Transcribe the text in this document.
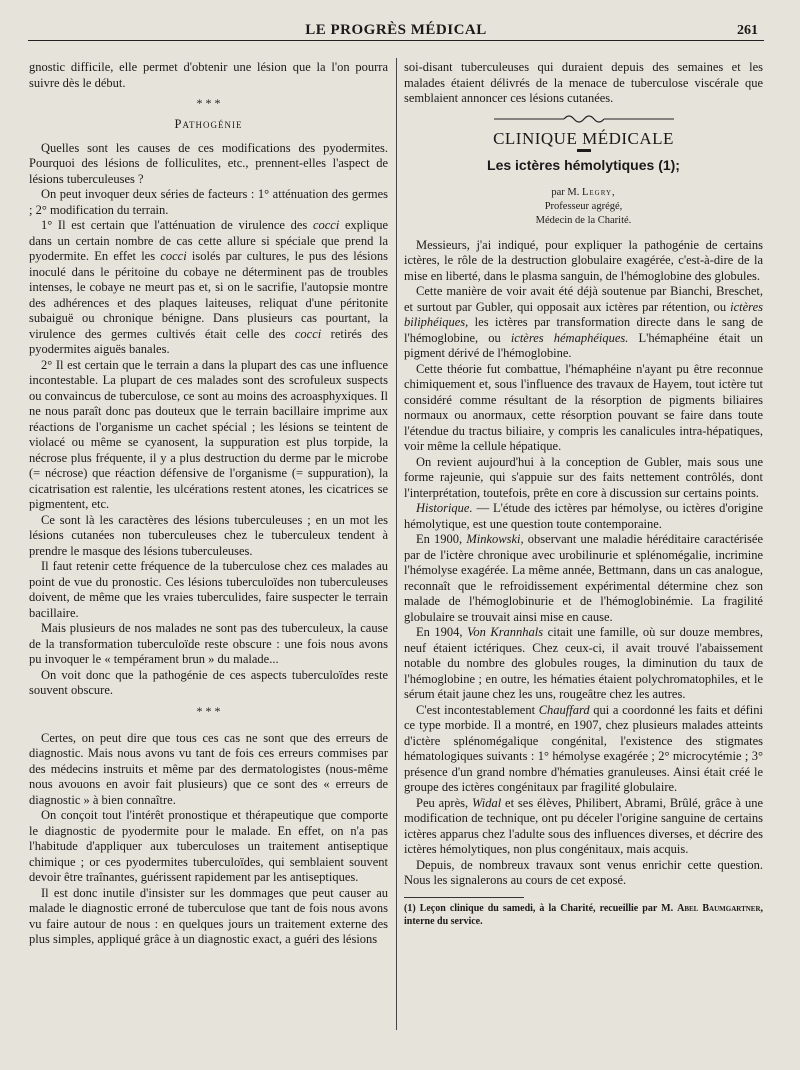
LE PROGRÈS MÉDICAL	261

gnostic difficile, elle permet d'obtenir une lésion que la l'on pourra suivre dès le début.

* * *
Pathogénie

Quelles sont les causes de ces modifications des pyodermites. Pourquoi des lésions de folliculites, etc., prennent-elles l'aspect de lésions tuberculeuses ?

On peut invoquer deux séries de facteurs : 1° atténuation des germes ; 2° modification du terrain.

1° Il est certain que l'atténuation de virulence des cocci explique dans un certain nombre de cas cette allure si spéciale que prend la pyodermite. En effet les cocci isolés par cultures, le pus des lésions inoculé dans le péritoine du cobaye ne déterminent pas de troubles intenses, le cobaye ne meurt pas et, si on le sacrifie, l'autopsie montre des adhérences et des plaques laiteuses, reliquat d'une péritonite subaiguë ou chronique bénigne. Dans plusieurs cas pourtant, la virulence des germes cultivés était celle des cocci retirés des pyodermites aiguës banales.

2° Il est certain que le terrain a dans la plupart des cas une influence incontestable. La plupart de ces malades sont des scrofuleux suspects ou convaincus de tuberculose, ce sont au moins des acroasphyxiques. Il ne nous paraît donc pas douteux que le terrain bacillaire imprime aux réactions de l'organisme un cachet spécial ; les lésions se teintent de violacé ou même se cyanosent, la suppuration est plus torpide, la nécrose plus fréquente, il y a plus destruction du derme par le microbe (= nécrose) que réaction défensive de l'organisme (= suppuration), la cicatrisation est ralentie, les ulcérations restent atones, les cicatrices se pigmentent, etc.

Ce sont là les caractères des lésions tuberculeuses ; en un mot les lésions cutanées non tuberculeuses chez le tuberculeux tendent à prendre le masque des lésions tuberculeuses.

Il faut retenir cette fréquence de la tuberculose chez ces malades au point de vue du pronostic. Ces lésions tuberculoïdes non tuberculeuses doivent, de même que les vraies tuberculides, faire suspecter le terrain bacillaire.

Mais plusieurs de nos malades ne sont pas des tuberculeux, la cause de la transformation tuberculoïde reste obscure : une fois nous avons pu invoquer le « tempérament brun » du malade...

On voit donc que la pathogénie de ces aspects tuberculoïdes reste souvent obscure.

* * *

Certes, on peut dire que tous ces cas ne sont que des erreurs de diagnostic. Mais nous avons vu tant de fois ces erreurs commises par des médecins instruits et même par des dermatologistes (nous-même nous avouons en avoir fait plusieurs) que ce sont des « erreurs de diagnostic » à bien connaître.

On conçoit tout l'intérêt pronostique et thérapeutique que comporte le diagnostic de pyodermite pour le malade. En effet, on n'a pas l'habitude d'appliquer aux tuberculoses un traitement antiseptique chimique ; or ces pyodermites tuberculoïdes, qui semblaient souvent devoir être traînantes, guérissent rapidement par les antiseptiques.

Il est donc inutile d'insister sur les dommages que peut causer au malade le diagnostic erroné de tuberculose que tant de fois nous avons vu faire autour de nous : en quelques jours un traitement externe des plus simples, appliqué grâce à un diagnostic exact, a guéri des lésions

soi-disant tuberculeuses qui duraient depuis des semaines et les malades étaient délivrés de la menace de tuberculose viscérale que semblaient annoncer ces lésions cutanées.

CLINIQUE MÉDICALE
Les ictères hémolytiques (1);
par M. Legry,
Professeur agrégé,
Médecin de la Charité.

Messieurs, j'ai indiqué, pour expliquer la pathogénie de certains ictères, le rôle de la destruction globulaire exagérée, c'est-à-dire de la mise en liberté, dans le plasma sanguin, de l'hémoglobine des globules.

Cette manière de voir avait été déjà soutenue par Bianchi, Breschet, et surtout par Gubler, qui opposait aux ictères par rétention, ou ictères biliphéiques, les ictères par transformation directe dans le sang de l'hémoglobine, ou ictères hémaphéiques. L'hémaphéine était un pigment dérivé de l'hémoglobine.

Cette théorie fut combattue, l'hémaphéine n'ayant pu être reconnue chimiquement et, sous l'influence des travaux de Hayem, tout ictère tut considéré comme résultant de la résorption de pigments biliaires normaux ou anormaux, cette résorption pouvant se faire dans toute l'étendue du tractus biliaire, y compris les canalicules intra-hépatiques, voir même la cellule hépatique.

On revient aujourd'hui à la conception de Gubler, mais sous une forme rajeunie, qui s'appuie sur des faits nettement contrôlés, dont l'interprétation, toutefois, prête en core à discussion sur certains points.

Historique. — L'étude des ictères par hémolyse, ou ictères d'origine hémolytique, est une question toute contemporaine.

En 1900, Minkowski, observant une maladie héréditaire caractérisée par de l'ictère chronique avec urobilinurie et splénomégalie, incrimine l'hémolyse exagérée. La même année, Bettmann, dans un cas analogue, reconnaît que le refroidissement expérimental détermine chez son malade de l'hémoglobinurie et de l'hémoglobinémie. La fragilité globulaire se trouvait ainsi mise en cause.

En 1904, Von Krannhals citait une famille, où sur douze membres, neuf étaient ictériques. Chez ceux-ci, il avait trouvé l'abaissement notable du nombre des globules rouges, la diminution du taux de l'hémoglobine ; en outre, les hématies étaient polychromatophiles, et le sérum était jaune chez les uns, rougeâtre chez les autres.

C'est incontestablement Chauffard qui a coordonné les faits et défini ce type morbide. Il a montré, en 1907, chez plusieurs malades atteints d'ictère splénomégalique congénital, l'existence des stigmates hématologiques suivants : 1° hémolyse exagérée ; 2° microcytémie ; 3° présence d'un grand nombre d'hématies granuleuses. Ainsi était créé le groupe des ictères congénitaux par fragilité globulaire.

Peu après, Widal et ses élèves, Philibert, Abrami, Brûlé, grâce à une modification de technique, ont pu déceler l'origine sanguine de certains ictères apparus chez l'adulte sous des influences diverses, et décrire des ictères hémolytiques, non plus congénitaux, mais acquis.

Depuis, de nombreux travaux sont venus enrichir cette question. Nous les signalerons au cours de cet exposé.

(1) Leçon clinique du samedi, à la Charité, recueillie par M. Abel Baumgartner, interne du service.
